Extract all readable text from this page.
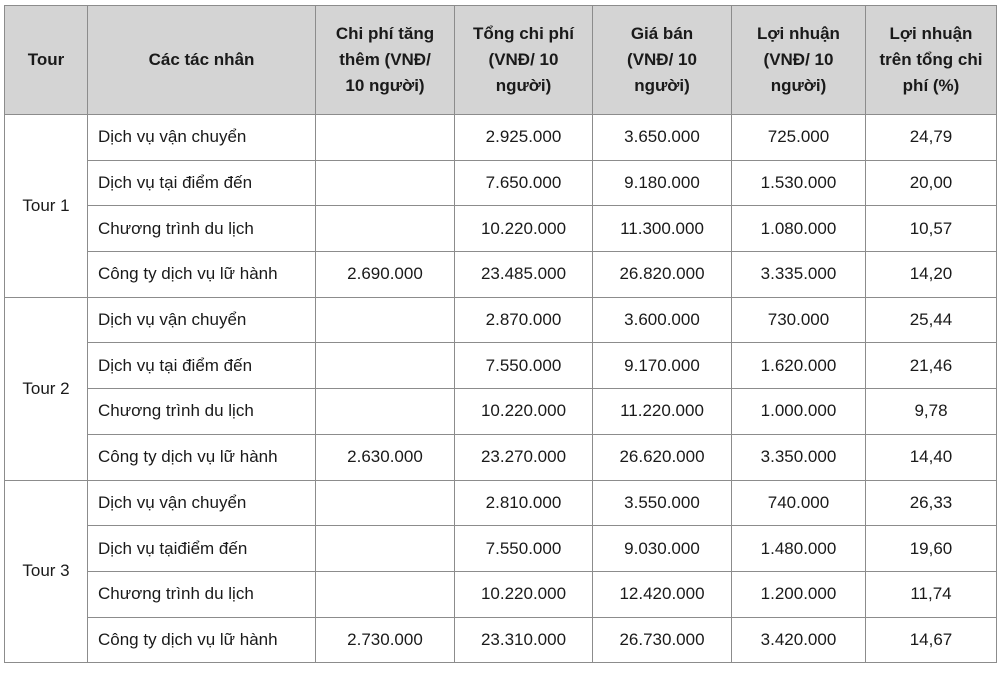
Tour	Các tác nhân	Chi phí tăng
thêm (VNĐ/
10 người)	Tổng chi phí
(VNĐ/ 10
người)	Giá bán
(VNĐ/ 10
người)	Lợi nhuận
(VNĐ/ 10
người)	Lợi nhuận
trên tổng chi
phí (%)

Tour 1	Dịch vụ vận chuyển		2.925.000	3.650.000	725.000	24,79
	Dịch vụ tại điểm đến		7.650.000	9.180.000	1.530.000	20,00
	Chương trình du lịch		10.220.000	11.300.000	1.080.000	10,57
	Công ty dịch vụ lữ hành	2.690.000	23.485.000	26.820.000	3.335.000	14,20
Tour 2	Dịch vụ vận chuyển		2.870.000	3.600.000	730.000	25,44
	Dịch vụ tại điểm đến		7.550.000	9.170.000	1.620.000	21,46
	Chương trình du lịch		10.220.000	11.220.000	1.000.000	9,78
	Công ty dịch vụ lữ hành	2.630.000	23.270.000	26.620.000	3.350.000	14,40
Tour 3	Dịch vụ vận chuyển		2.810.000	3.550.000	740.000	26,33
	Dịch vụ tạiđiểm đến		7.550.000	9.030.000	1.480.000	19,60
	Chương trình du lịch		10.220.000	12.420.000	1.200.000	11,74
	Công ty dịch vụ lữ hành	2.730.000	23.310.000	26.730.000	3.420.000	14,67
